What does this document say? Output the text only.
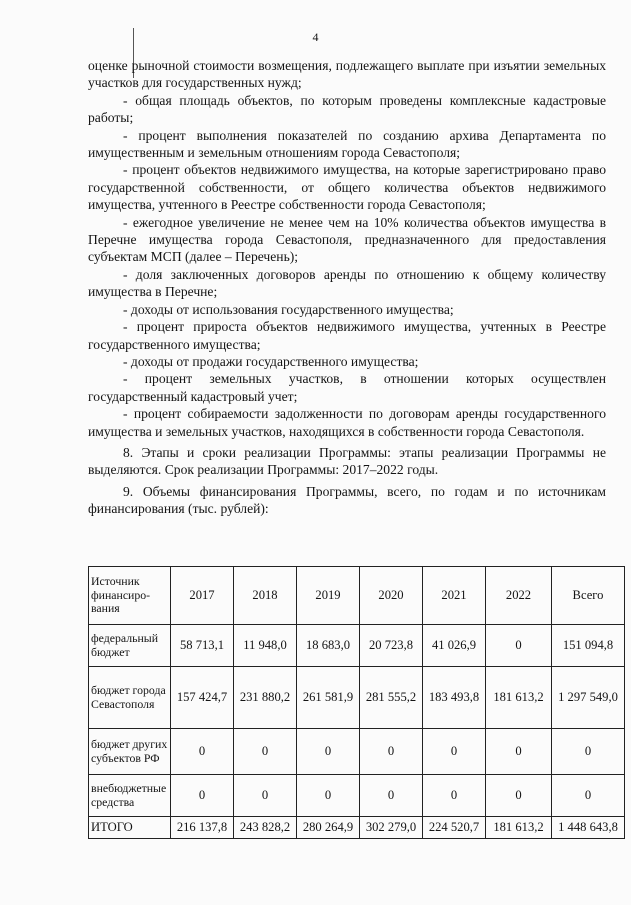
4

оценке рыночной стоимости возмещения, подлежащего выплате при изъятии земельных участков для государственных нужд;

- общая площадь объектов, по которым проведены комплексные кадастровые работы;

- процент выполнения показателей по созданию архива Департамента по имущественным и земельным отношениям города Севастополя;

- процент объектов недвижимого имущества, на которые зарегистрировано право государственной собственности, от общего количества объектов недвижимого имущества, учтенного в Реестре собственности города Севастополя;

- ежегодное увеличение не менее чем на 10% количества объектов имущества в Перечне имущества города Севастополя, предназначенного для предоставления субъектам МСП (далее – Перечень);

- доля заключенных договоров аренды по отношению к общему количеству имущества в Перечне;

- доходы от использования государственного имущества;

- процент прироста объектов недвижимого имущества, учтенных в Реестре государственного имущества;

- доходы от продажи государственного имущества;

- процент земельных участков, в отношении которых осуществлен государственный кадастровый учет;

- процент собираемости задолженности по договорам аренды государственного имущества и земельных участков, находящихся в собственности города Севастополя.

8. Этапы и сроки реализации Программы: этапы реализации Программы не выделяются. Срок реализации Программы: 2017–2022 годы.

9. Объемы финансирования Программы, всего, по годам и по источникам финансирования (тыс. рублей):

Источник финансирования	2017	2018	2019	2020	2021	2022	Всего
федеральный бюджет	58 713,1	11 948,0	18 683,0	20 723,8	41 026,9	0	151 094,8
бюджет города Севастополя	157 424,7	231 880,2	261 581,9	281 555,2	183 493,8	181 613,2	1 297 549,0
бюджет других субъектов РФ	0	0	0	0	0	0	0
внебюджетные средства	0	0	0	0	0	0	0
ИТОГО	216 137,8	243 828,2	280 264,9	302 279,0	224 520,7	181 613,2	1 448 643,8
